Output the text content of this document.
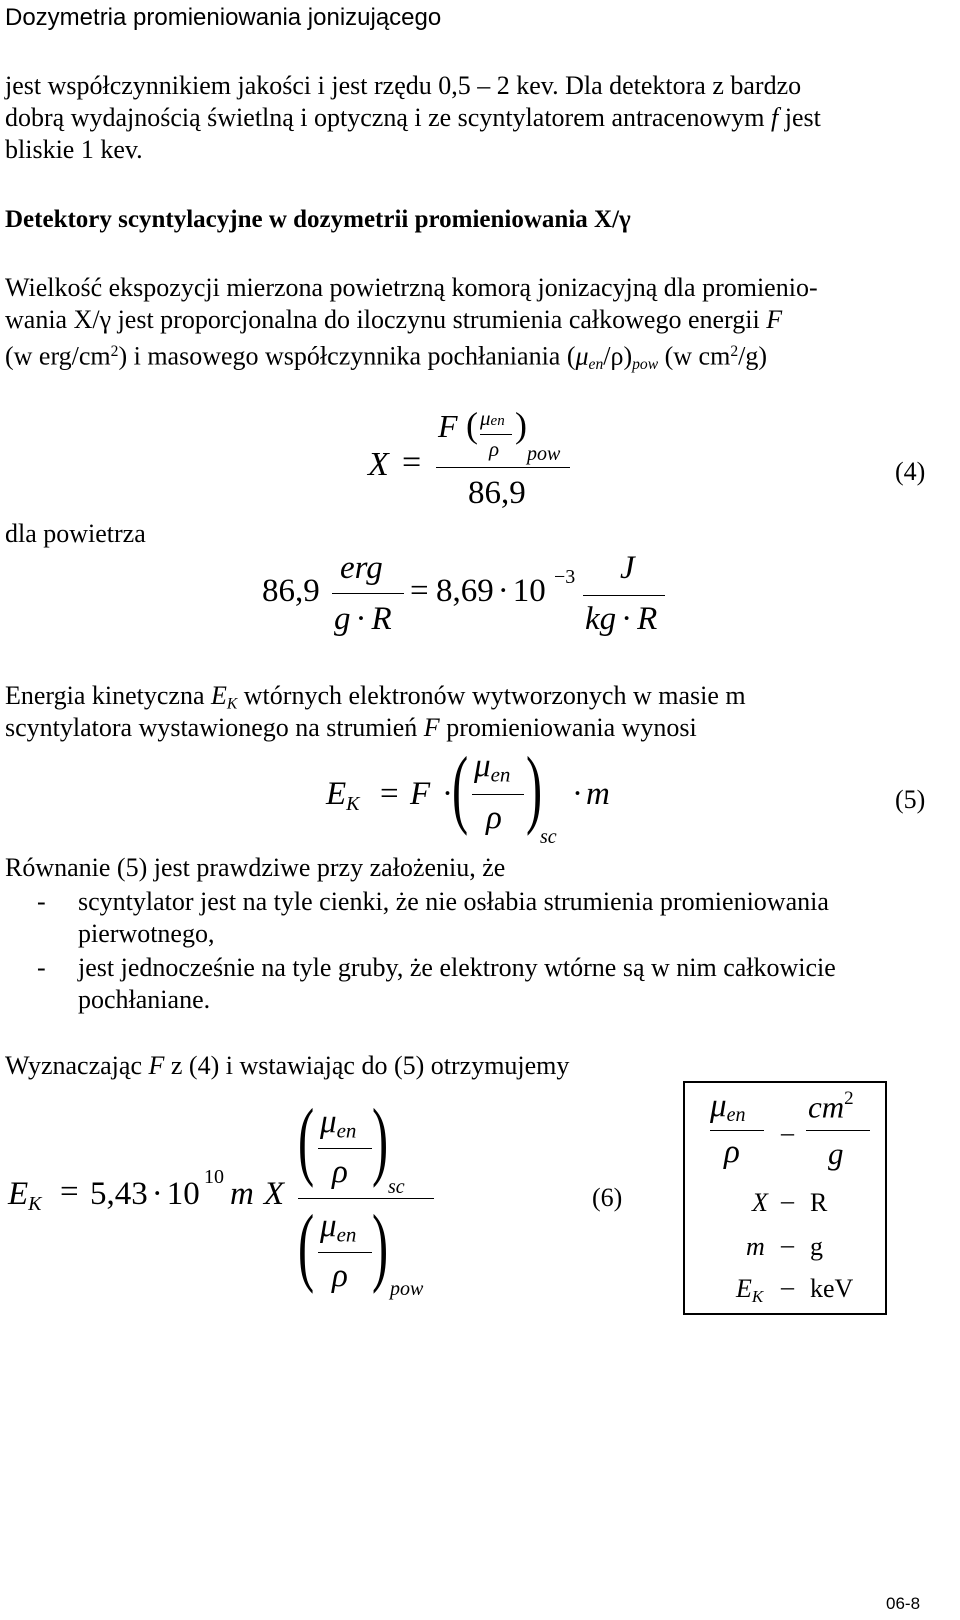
Dozymetria promieniowania jonizującego
jest współczynnikiem jakości i jest rzędu 0,5 – 2 kev. Dla detektora z bardzo
dobrą wydajnością świetlną i optyczną i ze scyntylatorem antracenowym f jest
bliskie 1 kev.
Detektory scyntylacyjne w dozymetrii promieniowania X/γ
Wielkość ekspozycji mierzona powietrzną komorą jonizacyjną dla promienio-
wania X/γ jest proporcjonalna do iloczynu strumienia całkowego energii F
(w erg/$cm^2$) i masowego współczynnika pochłaniania $(\mu_{en}/\rho)_{pow}$ (w $cm^2/g$)
X =
F ( μen
ρ
)
pow
86,9
(4)
dla powietrza
86,9
erg
g · R
= 8,69 · 10 −3 J
kg · R
Energia kinetyczna $E_K$ wtórnych elektronów wytworzonych w masie m
scyntylatora wystawionego na strumień F promieniowania wynosi
EK = F · ( μen
ρ )
sc
· m	(5)
Równanie (5) jest prawdziwe przy założeniu, że
- scyntylator jest na tyle cienki, że nie osłabia strumienia promieniowania
pierwotnego,
- jest jednocześnie na tyle gruby, że elektrony wtórne są w nim całkowicie
pochłaniane.
Wyznaczając F z (4) i wstawiając do (5) otrzymujemy
EK = 5,43 · 10 10 m X
( μen
ρ ) sc
( μen
ρ ) pow
(6)
μen
ρ
–
$cm^2$
g
X – R
m – g
EK – keV
06-8
